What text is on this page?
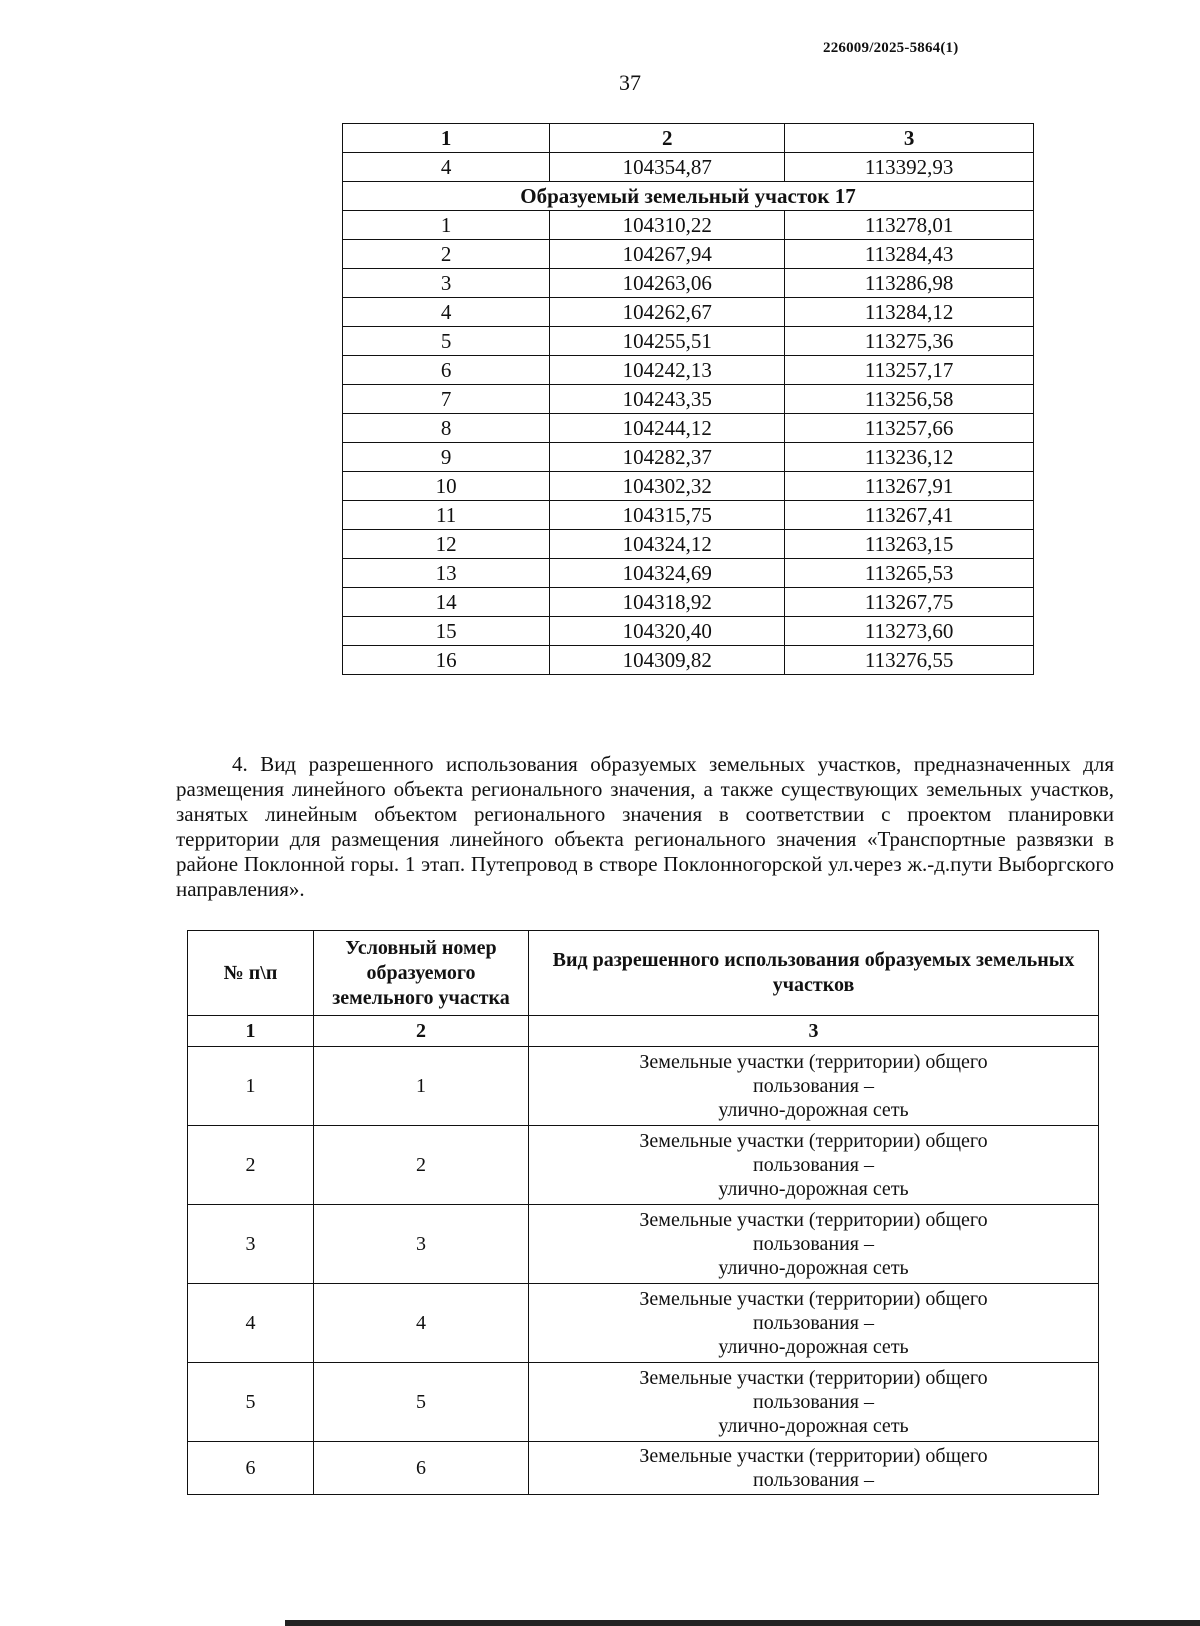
226009/2025-5864(1)
37
1	2	3
4	104354,87	113392,93
Образуемый земельный участок 17		
1	104310,22	113278,01
2	104267,94	113284,43
3	104263,06	113286,98
4	104262,67	113284,12
5	104255,51	113275,36
6	104242,13	113257,17
7	104243,35	113256,58
8	104244,12	113257,66
9	104282,37	113236,12
10	104302,32	113267,91
11	104315,75	113267,41
12	104324,12	113263,15
13	104324,69	113265,53
14	104318,92	113267,75
15	104320,40	113273,60
16	104309,82	113276,55

4. Вид разрешенного использования образуемых земельных участков, предназначенных для размещения линейного объекта регионального значения, а также существующих земельных участков, занятых линейным объектом регионального значения в соответствии с проектом планировки территории для размещения линейного объекта регионального значения «Транспортные развязки в районе Поклонной горы. 1 этап. Путепровод в створе Поклонногорской ул.через ж.-д.пути Выборгского направления».

№ п\п	Условный номер образуемого земельного участка	Вид разрешенного использования образуемых земельных участков
1	2	3
1	1	Земельные участки (территории) общего
пользования –
улично-дорожная сеть

2	2	Земельные участки (территории) общего
пользования –
улично-дорожная сеть

3	3	Земельные участки (территории) общего
пользования –
улично-дорожная сеть

4	4	Земельные участки (территории) общего
пользования –
улично-дорожная сеть

5	5	Земельные участки (территории) общего
пользования –
улично-дорожная сеть

6	6	Земельные участки (территории) общего
пользования –
